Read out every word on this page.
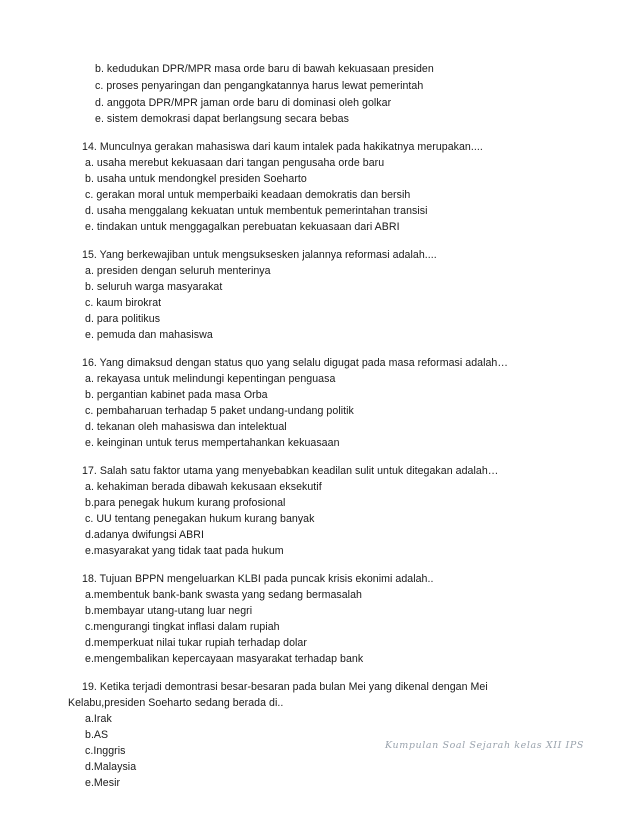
b. kedudukan DPR/MPR masa orde baru di bawah kekuasaan presiden
c. proses penyaringan dan pengangkatannya harus lewat pemerintah
d. anggota DPR/MPR jaman orde baru di dominasi oleh golkar
e. sistem demokrasi dapat berlangsung secara bebas
14. Munculnya gerakan mahasiswa dari kaum intalek pada hakikatnya merupakan....
a. usaha merebut kekuasaan dari tangan pengusaha orde baru
b. usaha untuk mendongkel presiden Soeharto
c. gerakan moral untuk memperbaiki keadaan demokratis dan bersih
d. usaha menggalang kekuatan untuk membentuk pemerintahan transisi
e. tindakan untuk menggagalkan perebuatan kekuasaan dari ABRI
15. Yang berkewajiban untuk mengsuksesken jalannya reformasi adalah....
a. presiden dengan seluruh menterinya
b. seluruh warga masyarakat
c. kaum birokrat
d. para politikus
e. pemuda dan mahasiswa
16. Yang dimaksud dengan status quo yang selalu digugat pada masa reformasi adalah…
a. rekayasa untuk melindungi kepentingan penguasa
b. pergantian kabinet pada masa Orba
c. pembaharuan terhadap 5 paket undang-undang politik
d. tekanan oleh mahasiswa dan intelektual
e. keinginan untuk terus mempertahankan kekuasaan
17. Salah satu faktor utama yang menyebabkan keadilan sulit untuk ditegakan adalah…
a. kehakiman berada dibawah kekusaan eksekutif
b.para penegak hukum kurang profosional
c. UU tentang penegakan hukum kurang banyak
d.adanya dwifungsi ABRI
e.masyarakat yang tidak taat pada hukum
18. Tujuan BPPN mengeluarkan KLBI pada puncak krisis ekonimi adalah..
a.membentuk bank-bank swasta yang sedang bermasalah
b.membayar utang-utang luar negri
c.mengurangi tingkat inflasi dalam rupiah
d.memperkuat nilai tukar rupiah terhadap dolar
e.mengembalikan kepercayaan masyarakat terhadap bank
19. Ketika terjadi demontrasi besar-besaran pada bulan Mei yang dikenal dengan Mei
Kelabu,presiden Soeharto sedang berada di..
a.Irak
b.AS
c.Inggris
d.Malaysia
e.Mesir
Kumpulan Soal Sejarah kelas XII IPS
